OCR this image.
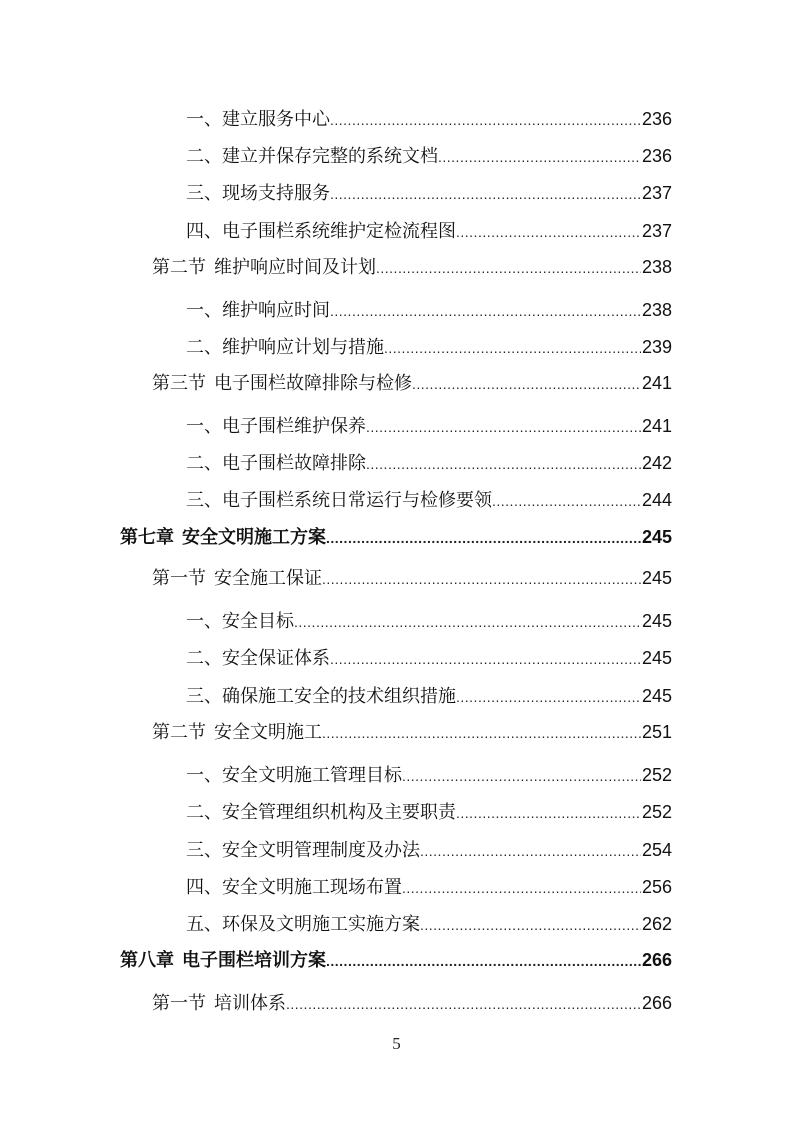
一、 建立服务中心 .....	236
二、 建立并保存完整的系统文档 .....	236
三、 现场支持服务 .....	237
四、 电子围栏系统维护定检流程图 .....	237
第二节 维护响应时间及计划 .....	238
一、 维护响应时间 .....	238
二、 维护响应计划与措施 .....	239
第三节 电子围栏故障排除与检修 .....	241
一、 电子围栏维护保养 .....	241
二、 电子围栏故障排除 .....	242
三、 电子围栏系统日常运行与检修要领 .....	244
第七章 安全文明施工方案 .....	245
第一节 安全施工保证 .....	245
一、 安全目标 .....	245
二、 安全保证体系 .....	245
三、 确保施工安全的技术组织措施 .....	245
第二节 安全文明施工 .....	251
一、 安全文明施工管理目标 .....	252
二、 安全管理组织机构及主要职责 .....	252
三、 安全文明管理制度及办法 .....	254
四、 安全文明施工现场布置 .....	256
五、 环保及文明施工实施方案 .....	262
第八章 电子围栏培训方案 .....	266
第一节 培训体系 .....	266
5
